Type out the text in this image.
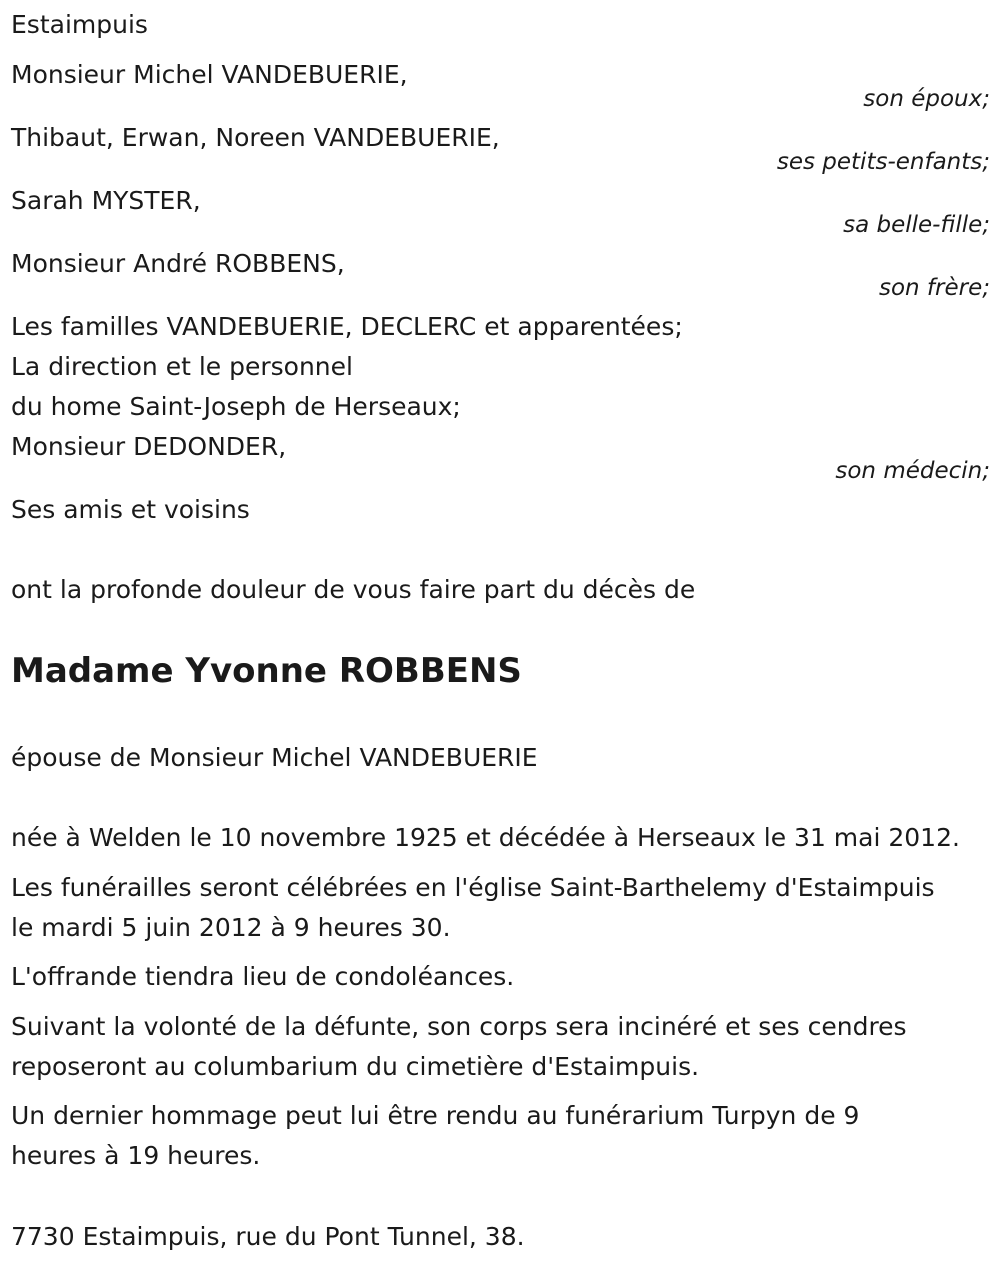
Estaimpuis
Monsieur Michel VANDEBUERIE,
son époux;
Thibaut, Erwan, Noreen VANDEBUERIE,
ses petits-enfants;
Sarah MYSTER,
sa belle-fille;
Monsieur André ROBBENS,
son frère;
Les familles VANDEBUERIE, DECLERC et apparentées;
La direction et le personnel
du home Saint-Joseph de Herseaux;
Monsieur DEDONDER,
son médecin;
Ses amis et voisins
ont la profonde douleur de vous faire part du décès de
Madame Yvonne ROBBENS
épouse de Monsieur Michel VANDEBUERIE
née à Welden le 10 novembre 1925 et décédée à Herseaux le 31 mai 2012.
Les funérailles seront célébrées en l'église Saint-Barthelemy d'Estaimpuis
le mardi 5 juin 2012 à 9 heures 30.
L'offrande tiendra lieu de condoléances.
Suivant la volonté de la défunte, son corps sera incinéré et ses cendres
reposeront au columbarium du cimetière d'Estaimpuis.
Un dernier hommage peut lui être rendu au funérarium Turpyn de 9
heures à 19 heures.
7730 Estaimpuis, rue du Pont Tunnel, 38.
